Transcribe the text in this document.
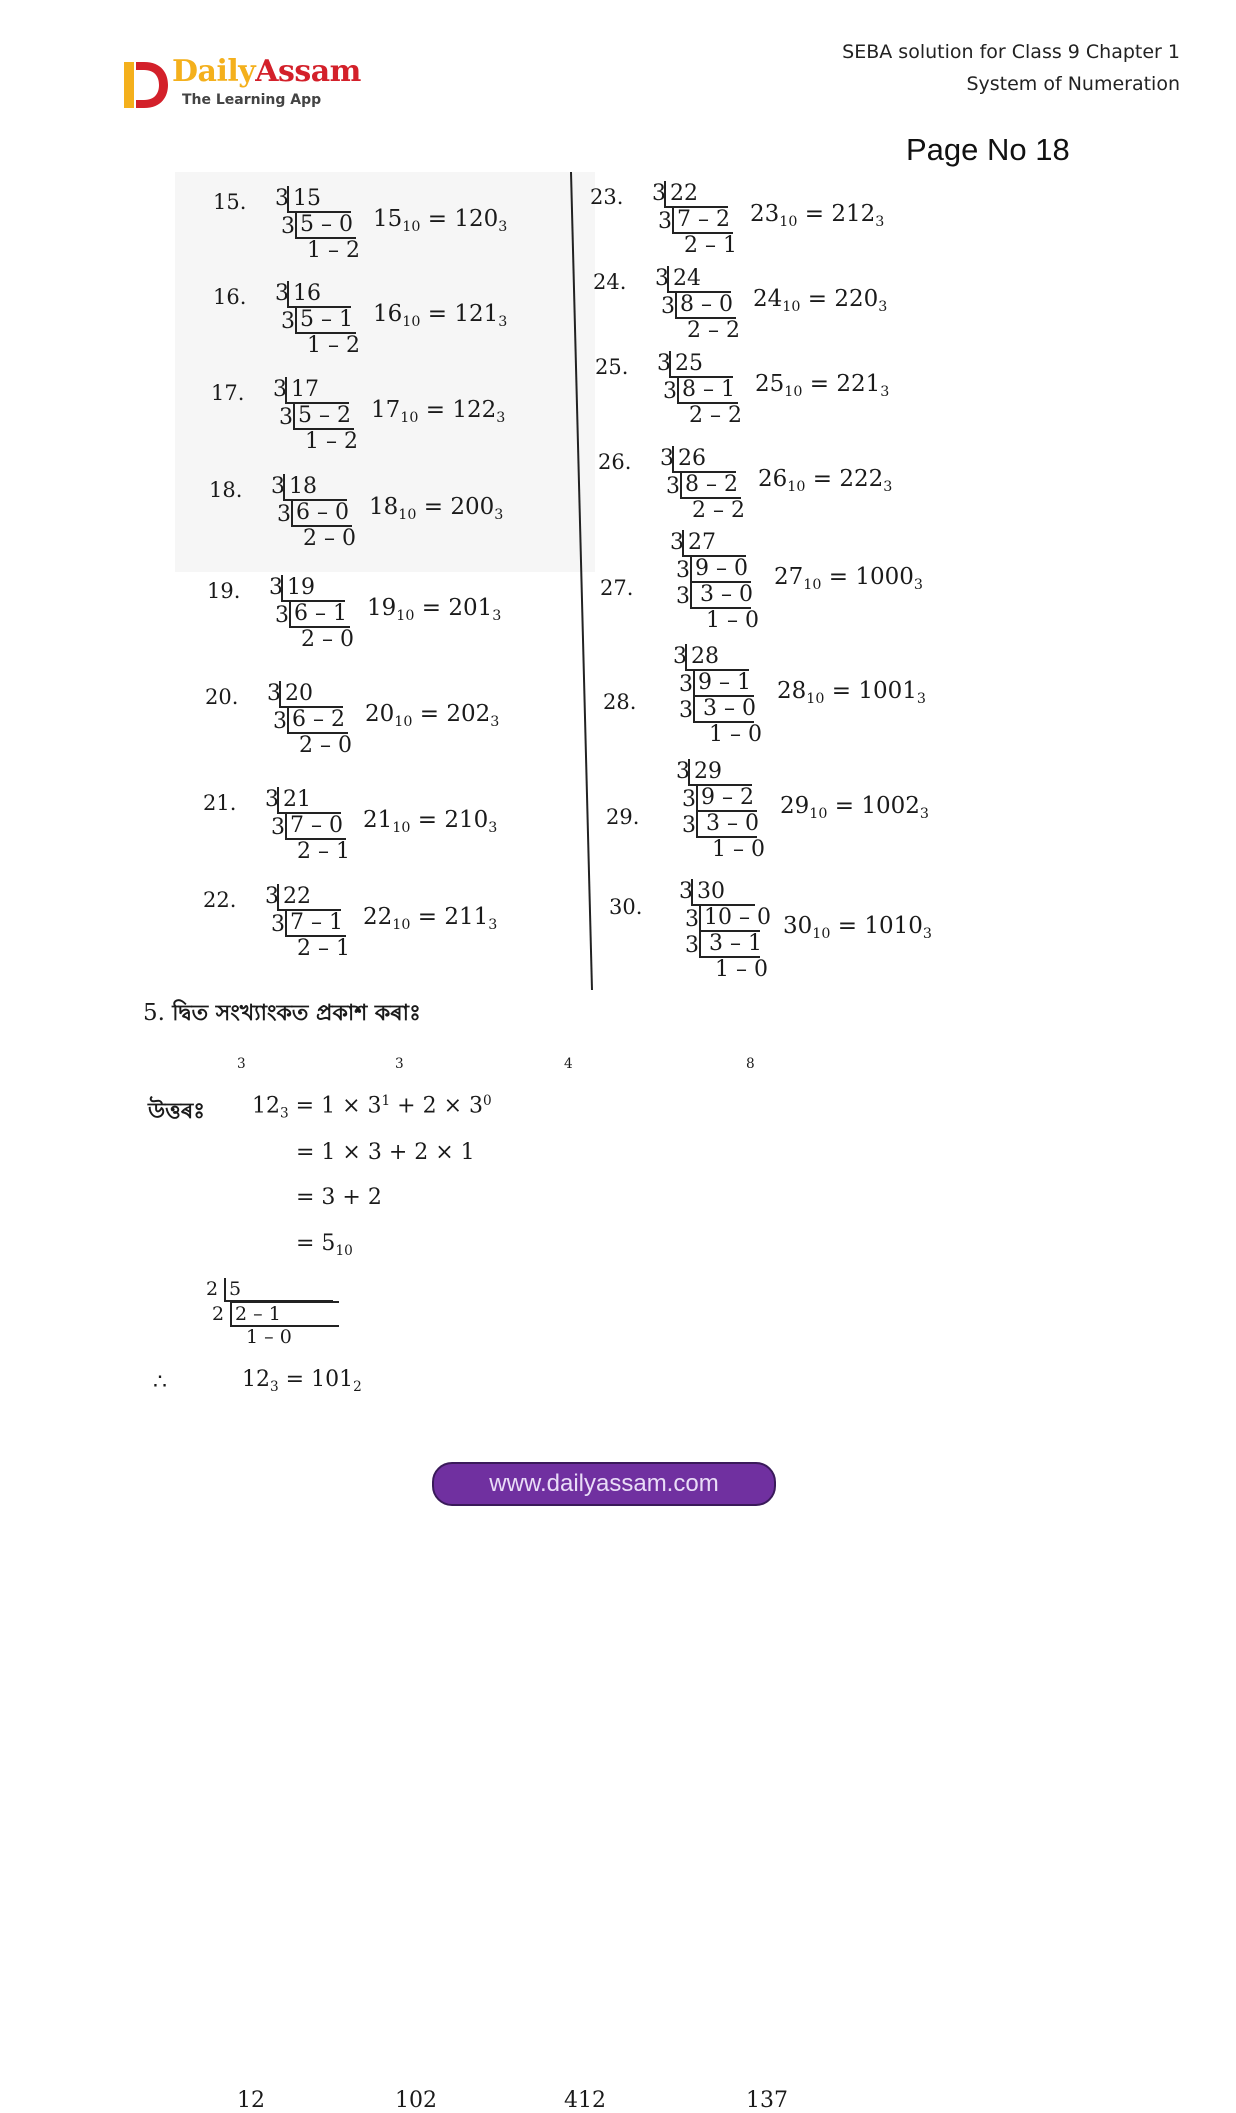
DailyAssam
The Learning App
SEBA solution for Class 9 Chapter 1
System of Numeration
Page No 18
15. 3 15
3 5 – 0
1 – 2
$15_{10} = 120_3$
16. 3 16
3 5 – 1
1 – 2
$16_{10} = 121_3$
17. 3 17
3 5 – 2
1 – 2
$17_{10} = 122_3$
18. 3 18
3 6 – 0
2 – 0
$18_{10} = 200_3$
19. 3 19
3 6 – 1
2 – 0
$19_{10} = 201_3$
20. 3 20
3 6 – 2
2 – 0
$20_{10} = 202_3$
21. 3 21
3 7 – 0
2 – 1
$21_{10} = 210_3$
22. 3 22
3 7 – 1
2 – 1
$22_{10} = 211_3$
23. 3 22
3 7 – 2
2 – 1
$23_{10} = 212_3$
24. 3 24
3 8 – 0
2 – 2
$24_{10} = 220_3$
25. 3 25
3 8 – 1
2 – 2
$25_{10} = 221_3$
26. 3 26
3 8 – 2
2 – 2
$26_{10} = 222_3$
27.
3 27
3 9 – 0
3 3 – 0
1 – 0
$27_{10} = 1000_3$
28.
3 28
3 9 – 1
3 3 – 0
1 – 0
$28_{10} = 1001_3$
29.
3 29
3 9 – 2
3 3 – 0
1 – 0
$29_{10} = 1002_3$
30.
3 30
3 10 – 0
3 3 – 1
1 – 0
$30_{10} = 1010_3$
5. দ্বিত সংখ্যাংকত প্ৰকাশ কৰাঃ
12
$_3$
102
$_3$
412
$_4$
137
$_8$
উত্তৰঃ $12_3 = 1 \times 3^1 + 2 \times 3^0$
= 1 × 3 + 2 × 1
= 3 + 2
= $5_{10}$
2 5
2 2 – 1
1 – 0
∴	$12_3 = 101_2$
www.dailyassam.com
